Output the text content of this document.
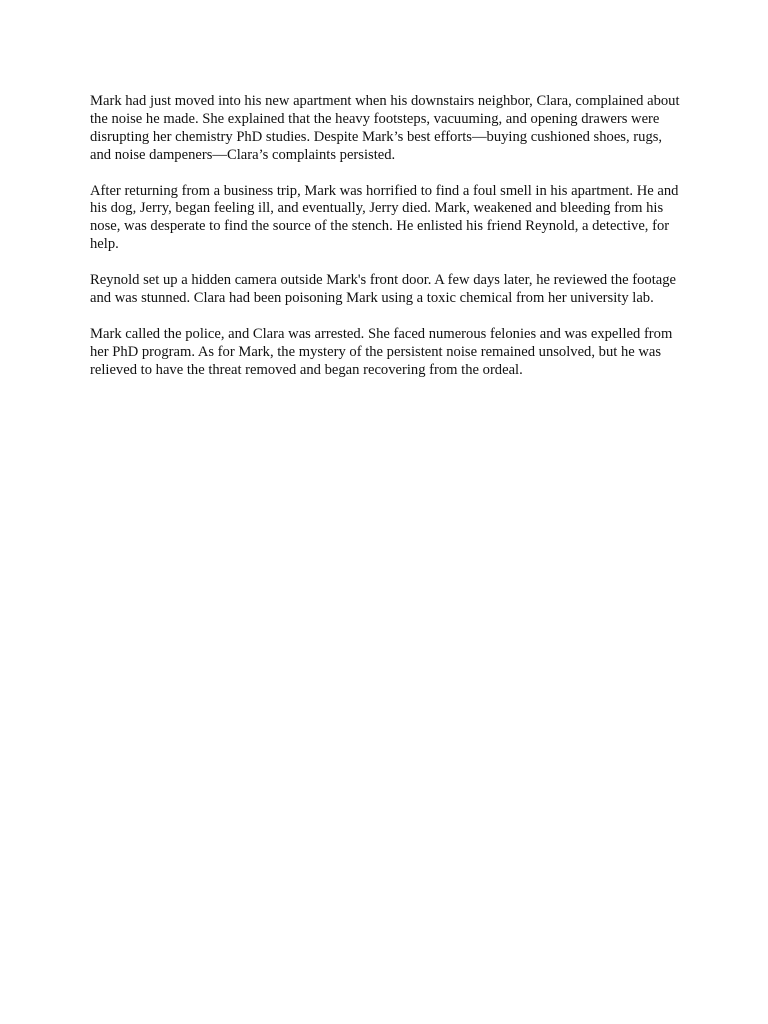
Mark had just moved into his new apartment when his downstairs neighbor, Clara, complained about the noise he made. She explained that the heavy footsteps, vacuuming, and opening drawers were disrupting her chemistry PhD studies. Despite Mark’s best efforts—buying cushioned shoes, rugs, and noise dampeners—Clara’s complaints persisted.

After returning from a business trip, Mark was horrified to find a foul smell in his apartment. He and his dog, Jerry, began feeling ill, and eventually, Jerry died. Mark, weakened and bleeding from his nose, was desperate to find the source of the stench. He enlisted his friend Reynold, a detective, for help.

Reynold set up a hidden camera outside Mark's front door. A few days later, he reviewed the footage and was stunned. Clara had been poisoning Mark using a toxic chemical from her university lab.

Mark called the police, and Clara was arrested. She faced numerous felonies and was expelled from her PhD program. As for Mark, the mystery of the persistent noise remained unsolved, but he was relieved to have the threat removed and began recovering from the ordeal.
